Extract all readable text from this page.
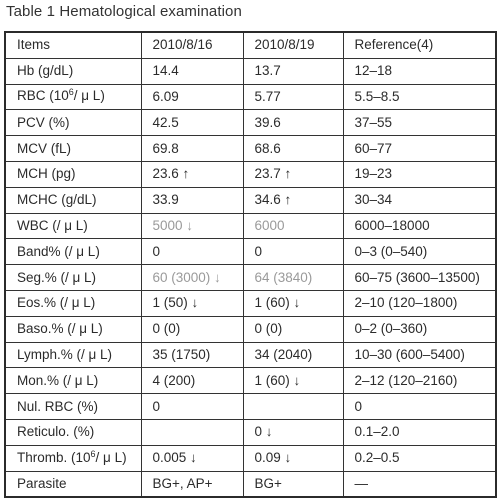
Table 1 Hematological examination
Items	2010/8/16	2010/8/19	Reference(4)
Hb (g/dL)	14.4	13.7	12–18
RBC ($10^6/$ μ L)	6.09	5.77	5.5–8.5
PCV (%)	42.5	39.6	37–55
MCV (fL)	69.8	68.6	60–77
MCH (pg)	23.6 ↑	23.7 ↑	19–23
MCHC (g/dL)	33.9	34.6 ↑	30–34
WBC (/ μ L)	5000 ↓	6000	6000–18000
Band% (/ μ L)	0	0	0–3 (0–540)
Seg.% (/ μ L)	60 (3000) ↓	64 (3840)	60–75 (3600–13500)
Eos.% (/ μ L)	1 (50) ↓	1 (60) ↓	2–10 (120–1800)
Baso.% (/ μ L)	0 (0)	0 (0)	0–2 (0–360)
Lymph.% (/ μ L)	35 (1750)	34 (2040)	10–30 (600–5400)
Mon.% (/ μ L)	4 (200)	1 (60) ↓	2–12 (120–2160)
Nul. RBC (%)	0		0
Reticulo. (%)		0 ↓	0.1–2.0
Thromb. ($10^6/$ μ L)	0.005 ↓	0.09 ↓	0.2–0.5
Parasite	BG+, AP+	BG+	—
